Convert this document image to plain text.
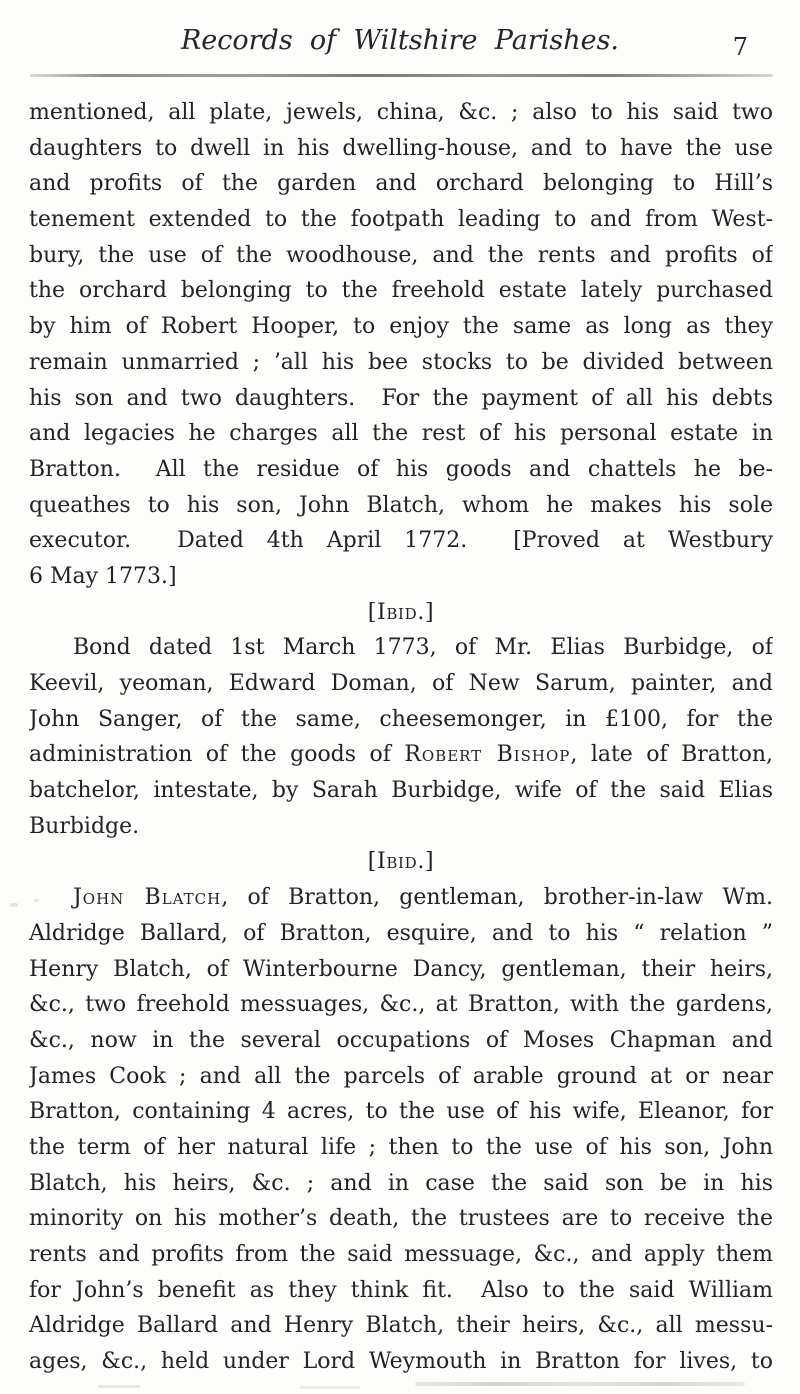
Records of Wiltshire Parishes.	7
mentioned, all plate, jewels, china, &c. ; also to his said two
daughters to dwell in his dwelling-house, and to have the use
and profits of the garden and orchard belonging to Hill’s
tenement extended to the footpath leading to and from West-
bury, the use of the woodhouse, and the rents and profits of
the orchard belonging to the freehold estate lately purchased
by him of Robert Hooper, to enjoy the same as long as they
remain unmarried ; ’all his bee stocks to be divided between
his son and two daughters.  For the payment of all his debts
and legacies he charges all the rest of his personal estate in
Bratton.  All the residue of his goods and chattels he be-
queathes to his son, John Blatch, whom he makes his sole
executor.  Dated 4th April 1772.  [Proved at Westbury
6 May 1773.]
[Ibid.]
Bond dated 1st March 1773, of Mr. Elias Burbidge, of
Keevil, yeoman, Edward Doman, of New Sarum, painter, and
John Sanger, of the same, cheesemonger, in £100, for the
administration of the goods of Robert Bishop, late of Bratton,
batchelor, intestate, by Sarah Burbidge, wife of the said Elias
Burbidge.
[Ibid.]
John Blatch, of Bratton, gentleman, brother-in-law Wm.
Aldridge Ballard, of Bratton, esquire, and to his “ relation ”
Henry Blatch, of Winterbourne Dancy, gentleman, their heirs,
&c., two freehold messuages, &c., at Bratton, with the gardens,
&c., now in the several occupations of Moses Chapman and
James Cook ; and all the parcels of arable ground at or near
Bratton, containing 4 acres, to the use of his wife, Eleanor, for
the term of her natural life ; then to the use of his son, John
Blatch, his heirs, &c. ; and in case the said son be in his
minority on his mother’s death, the trustees are to receive the
rents and profits from the said messuage, &c., and apply them
for John’s benefit as they think fit.  Also to the said William
Aldridge Ballard and Henry Blatch, their heirs, &c., all messu-
ages, &c., held under Lord Weymouth in Bratton for lives, to
